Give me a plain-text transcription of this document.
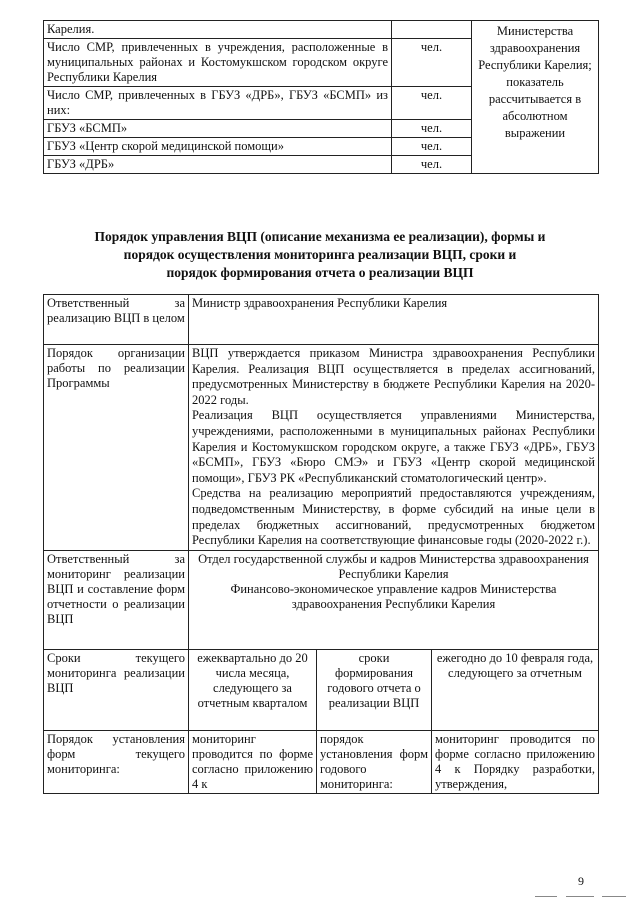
Карелия.		Министерства здравоохранения Республики Карелия; показатель рассчитывается в абсолютном выражении
Число СМР, привлеченных в учреждения, расположенные в муниципальных районах и Костомукшском городском округе Республики Карелия	чел.	
Число СМР, привлеченных в ГБУЗ «ДРБ», ГБУЗ «БСМП» из них:	чел.	
ГБУЗ «БСМП»	чел.	
ГБУЗ «Центр скорой медицинской помощи»	чел.	
ГБУЗ «ДРБ»	чел.	
Порядок управления ВЦП (описание механизма ее реализации), формы и
порядок осуществления мониторинга реализации ВЦП, сроки и
порядок формирования отчета о реализации ВЦП
Ответственный за реализацию ВЦП в целом	Министр здравоохранения Республики Карелия		
Порядок организации работы по реализации Программы	ВЦП утверждается приказом Министра здравоохранения Республики Карелия. Реализация ВЦП осуществляется в пределах ассигнований, предусмотренных Министерству в бюджете Республики Карелия на 2020-2022 годы.

Реализация ВЦП осуществляется управлениями Министерства, учреждениями, расположенными в муниципальных районах Республики Карелия и Костомукшском городском округе, а также ГБУЗ «ДРБ», ГБУЗ «БСМП», ГБУЗ «Бюро СМЭ» и ГБУЗ «Центр скорой медицинской помощи», ГБУЗ РК «Республиканский стоматологический центр».

Средства на реализацию мероприятий предоставляются учреждениям, подведомственным Министерству, в форме субсидий на иные цели в пределах бюджетных ассигнований, предусмотренных бюджетом Республики Карелия на соответствующие финансовые годы (2020-2022 г.).		

Ответственный за мониторинг реализации ВЦП и составление форм отчетности о реализации ВЦП	Отдел государственной службы и кадров Министерства здравоохранения Республики Карелия
Финансово-экономическое управление кадров Министерства здравоохранения Республики Карелия		

Сроки текущего мониторинга реализации ВЦП	ежеквартально до 20 числа месяца, следующего за отчетным кварталом	сроки формирования годового отчета о реализации ВЦП	ежегодно до 10 февраля года, следующего за отчетным
Порядок установления форм текущего мониторинга:	мониторинг проводится по форме согласно приложению 4 к	порядок установления форм годового мониторинга:	мониторинг проводится по форме согласно приложению 4 к Порядку разработки, утверждения,
9
